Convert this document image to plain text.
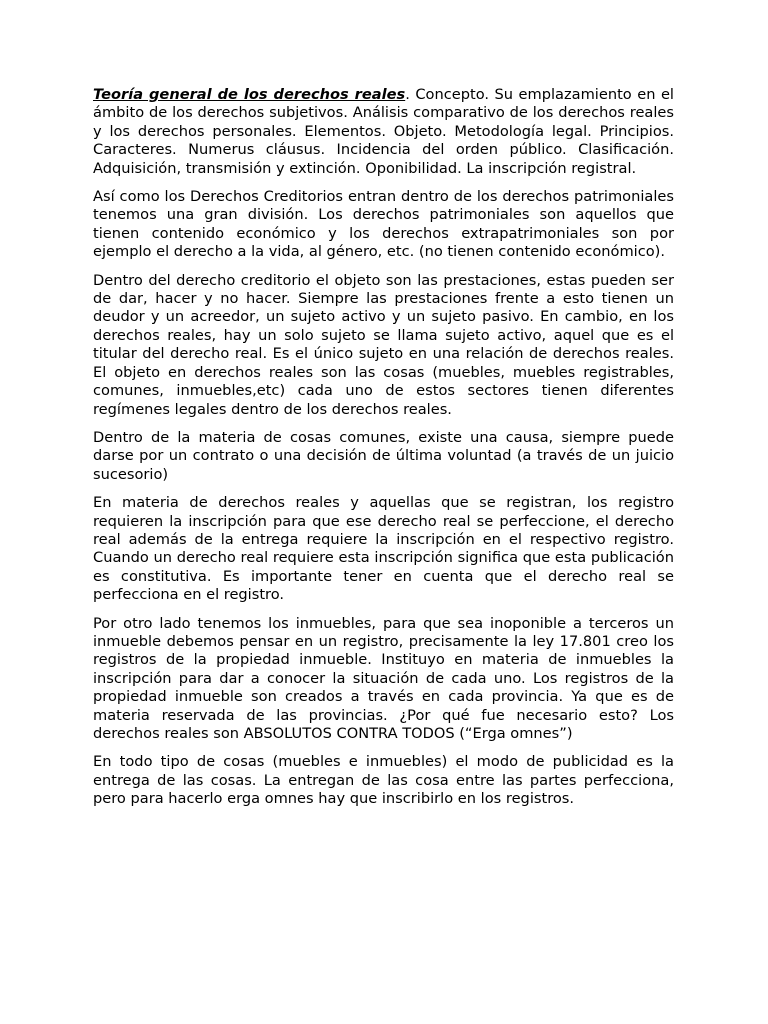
Teoría general de los derechos reales. Concepto. Su emplazamiento en el ámbito de los derechos subjetivos. Análisis comparativo de los derechos reales y los derechos personales. Elementos. Objeto. Metodología legal. Principios. Caracteres. Numerus cláusus. Incidencia del orden público. Clasificación. Adquisición, transmisión y extinción. Oponibilidad. La inscripción registral.

Así como los Derechos Creditorios entran dentro de los derechos patrimoniales tenemos una gran división. Los derechos patrimoniales son aquellos que tienen contenido económico y los derechos extrapatrimoniales son por ejemplo el derecho a la vida, al género, etc. (no tienen contenido económico).

Dentro del derecho creditorio el objeto son las prestaciones, estas pueden ser de dar, hacer y no hacer. Siempre las prestaciones frente a esto tienen un deudor y un acreedor, un sujeto activo y un sujeto pasivo. En cambio, en los derechos reales, hay un solo sujeto se llama sujeto activo, aquel que es el titular del derecho real. Es el único sujeto en una relación de derechos reales. El objeto en derechos reales son las cosas (muebles, muebles registrables, comunes, inmuebles,etc) cada uno de estos sectores tienen diferentes regímenes legales dentro de los derechos reales.

Dentro de la materia de cosas comunes, existe una causa, siempre puede darse por un contrato o una decisión de última voluntad (a través de un juicio sucesorio)

En materia de derechos reales y aquellas que se registran, los registro requieren la inscripción para que ese derecho real se perfeccione, el derecho real además de la entrega requiere la inscripción en el respectivo registro. Cuando un derecho real requiere esta inscripción significa que esta publicación es constitutiva. Es importante tener en cuenta que el derecho real se perfecciona en el registro.

Por otro lado tenemos los inmuebles, para que sea inoponible a terceros un inmueble debemos pensar en un registro, precisamente la ley 17.801 creo los registros de la propiedad inmueble. Instituyo en materia de inmuebles la inscripción para dar a conocer la situación de cada uno. Los registros de la propiedad inmueble son creados a través en cada provincia. Ya que es de materia reservada de las provincias. ¿Por qué fue necesario esto? Los derechos reales son ABSOLUTOS CONTRA TODOS (“Erga omnes”)

En todo tipo de cosas (muebles e inmuebles) el modo de publicidad es la entrega de las cosas. La entregan de las cosa entre las partes perfecciona, pero para hacerlo erga omnes hay que inscribirlo en los registros.
